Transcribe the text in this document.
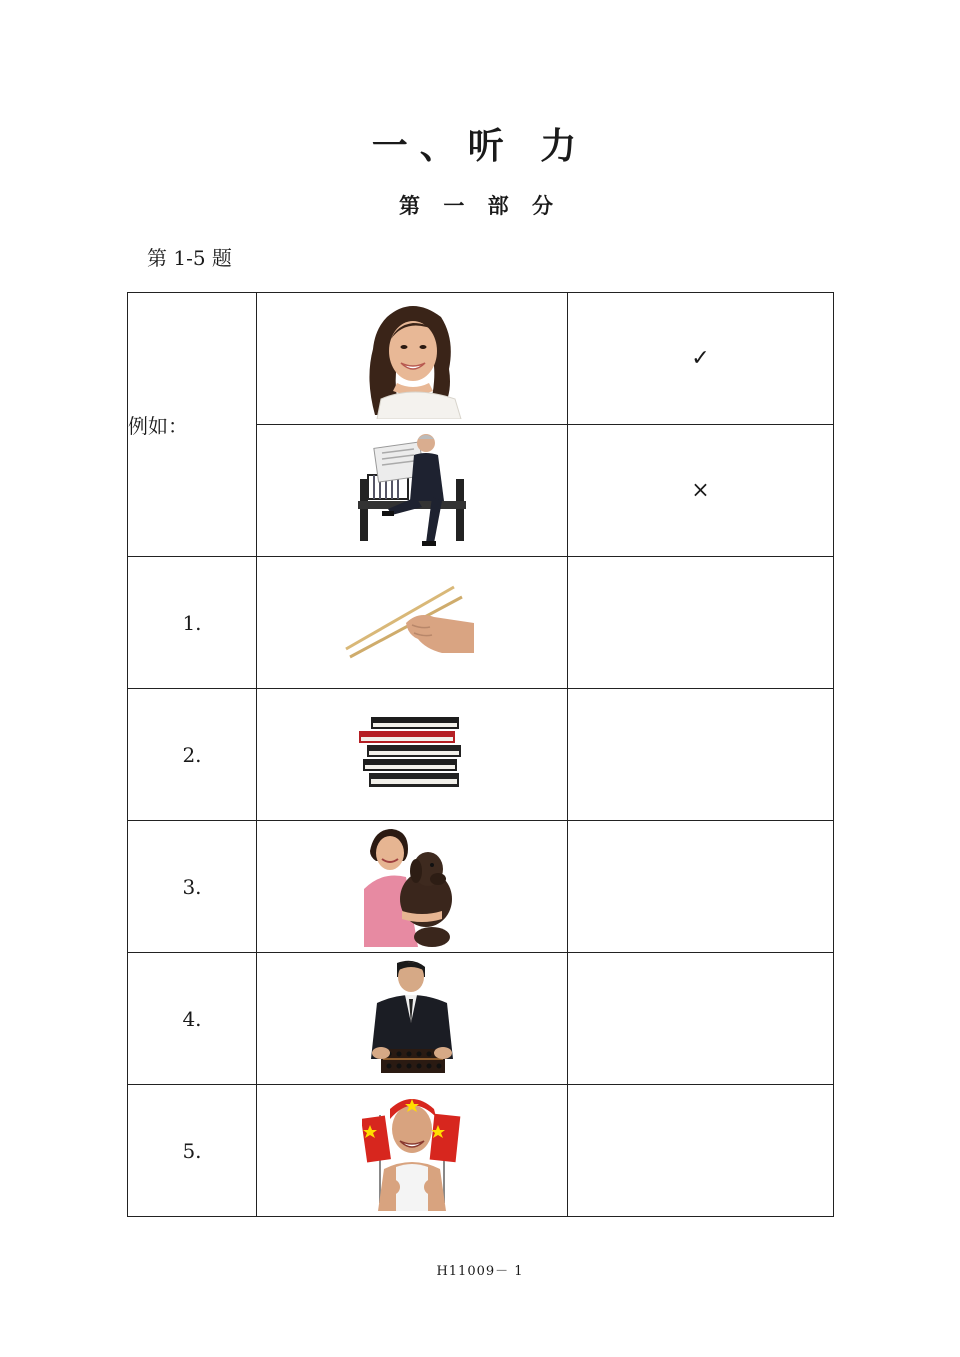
一、听 力
第 一 部 分
第 1-5 题
例如：		✓

	×
1.	

2.	

3.	

4.	

5.	

H11009－ 1
